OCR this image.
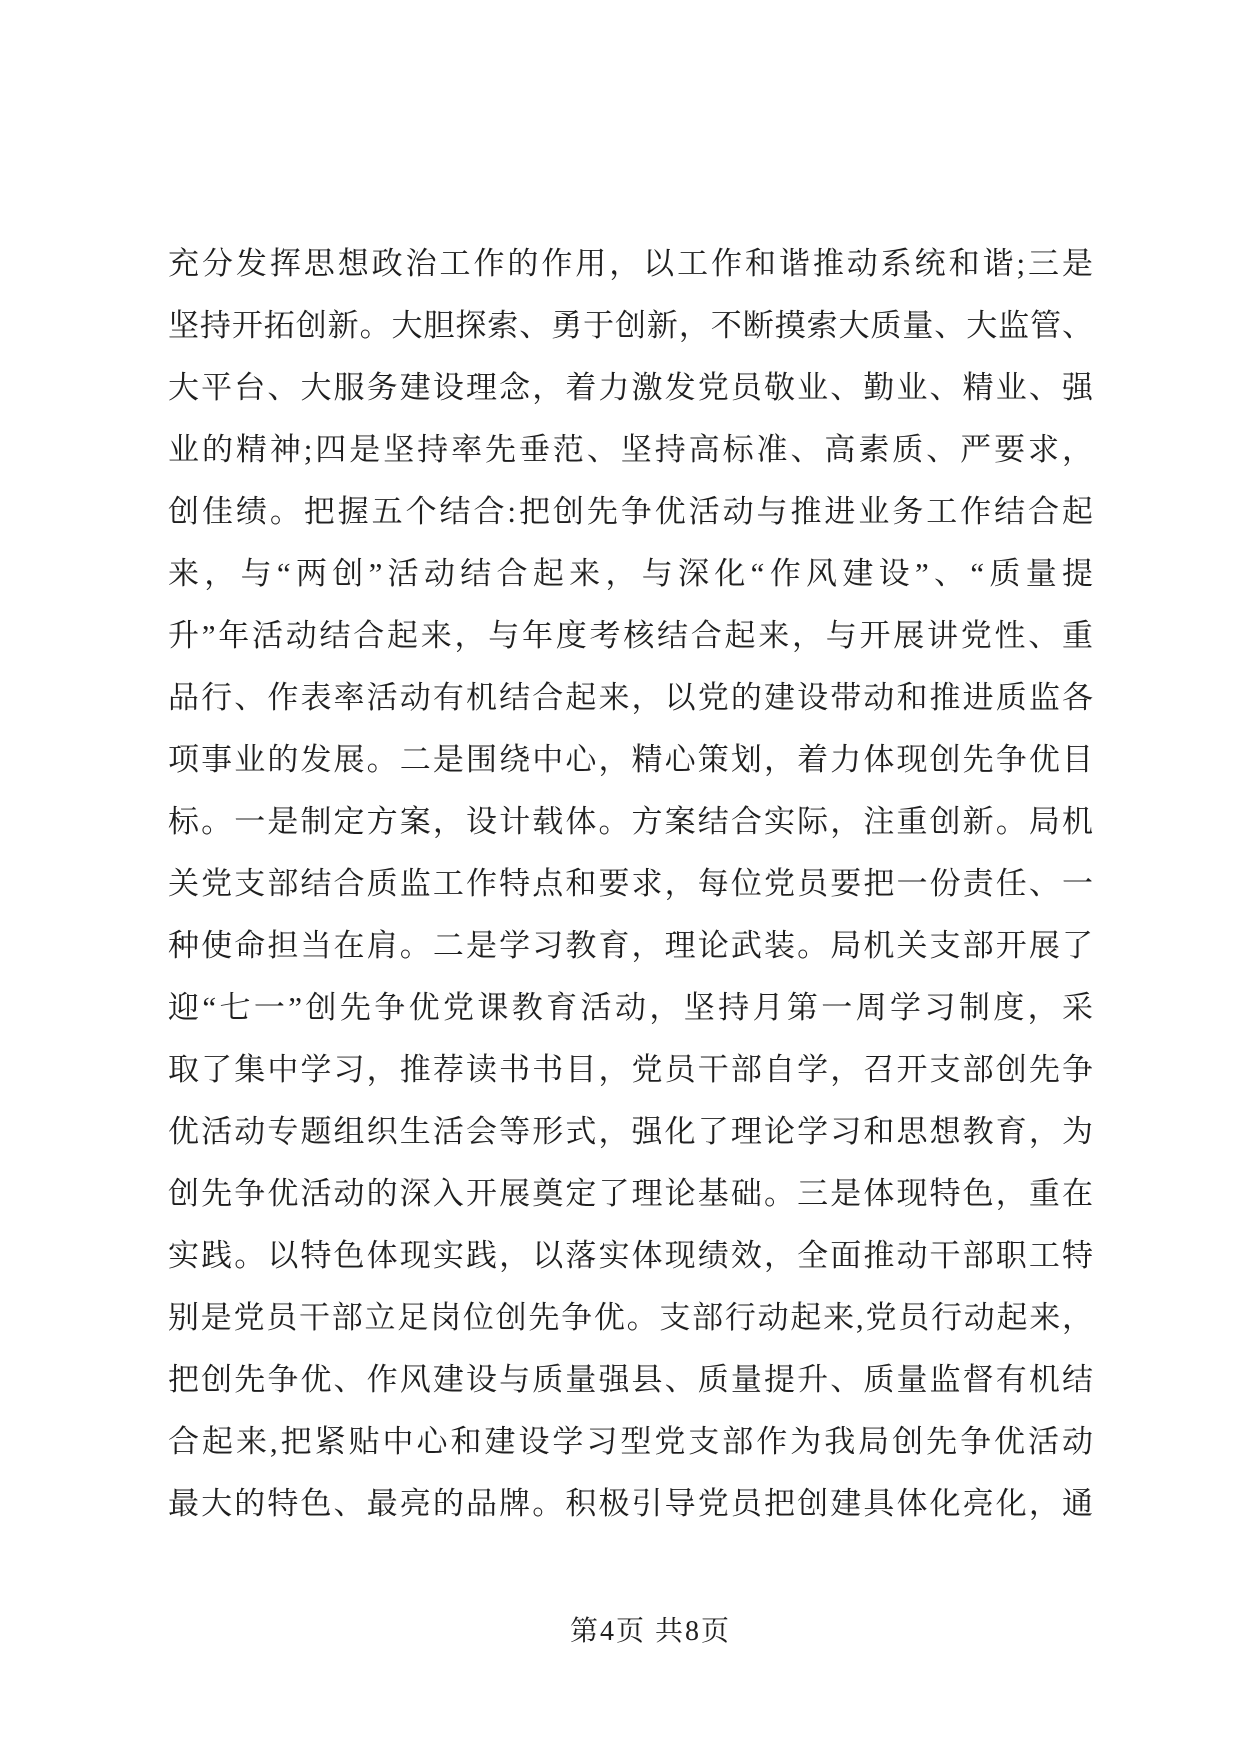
充分发挥思想政治工作的作用，以工作和谐推动系统和谐;三是

坚持开拓创新。大胆探索、勇于创新，不断摸索大质量、大监管、

大平台、大服务建设理念，着力激发党员敬业、勤业、精业、强

业的精神;四是坚持率先垂范、坚持高标准、高素质、严要求，

创佳绩。把握五个结合:把创先争优活动与推进业务工作结合起

来，与“两创”活动结合起来，与深化“作风建设”、“质量提

升”年活动结合起来，与年度考核结合起来，与开展讲党性、重

品行、作表率活动有机结合起来，以党的建设带动和推进质监各

项事业的发展。二是围绕中心，精心策划，着力体现创先争优目

标。一是制定方案，设计载体。方案结合实际，注重创新。局机

关党支部结合质监工作特点和要求，每位党员要把一份责任、一

种使命担当在肩。二是学习教育，理论武装。局机关支部开展了

迎“七一”创先争优党课教育活动，坚持月第一周学习制度，采

取了集中学习，推荐读书书目，党员干部自学，召开支部创先争

优活动专题组织生活会等形式，强化了理论学习和思想教育，为

创先争优活动的深入开展奠定了理论基础。三是体现特色，重在

实践。以特色体现实践，以落实体现绩效，全面推动干部职工特

别是党员干部立足岗位创先争优。支部行动起来,党员行动起来，

把创先争优、作风建设与质量强县、质量提升、质量监督有机结

合起来,把紧贴中心和建设学习型党支部作为我局创先争优活动

最大的特色、最亮的品牌。积极引导党员把创建具体化亮化，通

第4页 共8页
